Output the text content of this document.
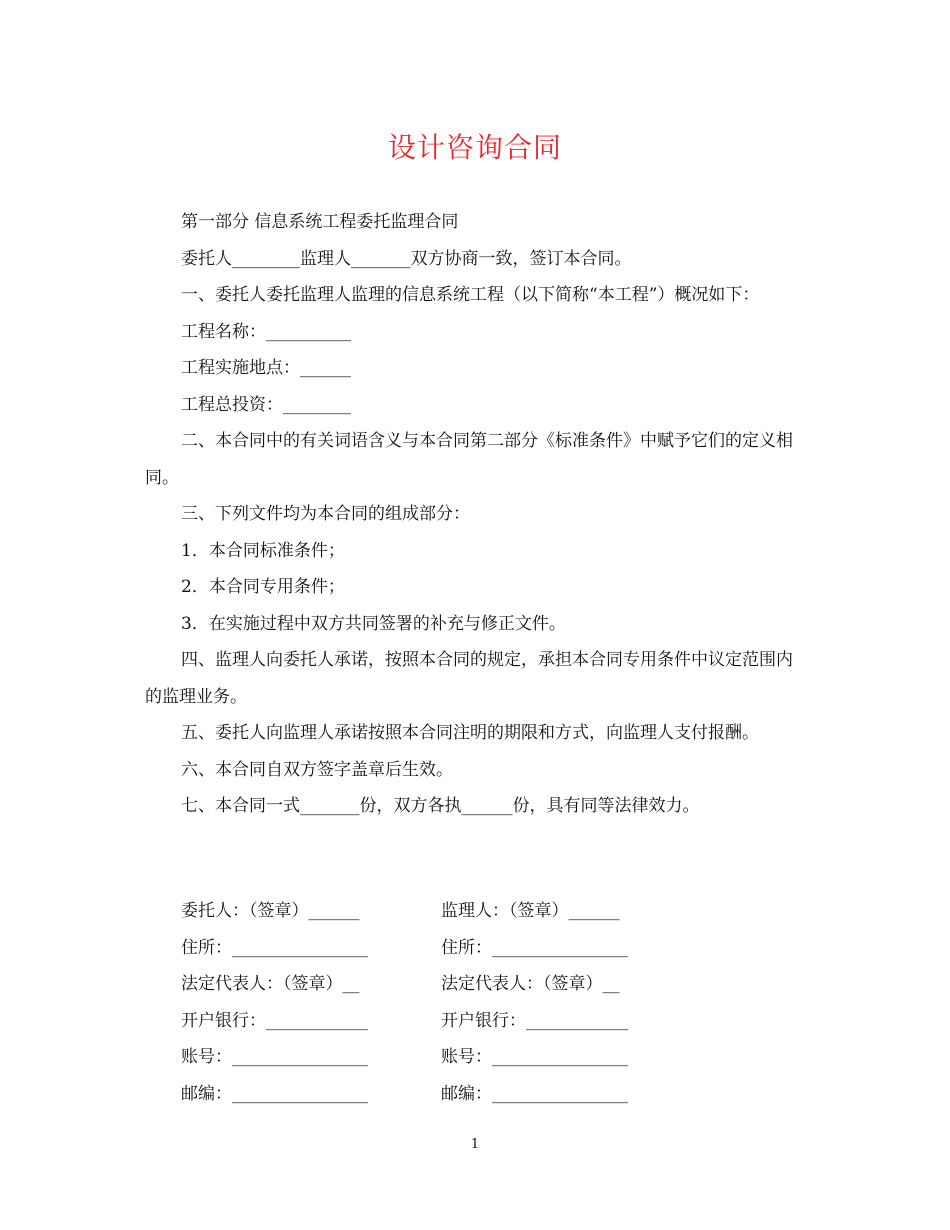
设计咨询合同

第一部分 信息系统工程委托监理合同

委托人________监理人_______双方协商一致，签订本合同。

一、委托人委托监理人监理的信息系统工程（以下简称“本工程”）概况如下：

工程名称：__________

工程实施地点：______

工程总投资：________

二、本合同中的有关词语含义与本合同第二部分《标准条件》中赋予它们的定义相同。

三、下列文件均为本合同的组成部分：

1．本合同标准条件；

2．本合同专用条件；

3．在实施过程中双方共同签署的补充与修正文件。

四、监理人向委托人承诺，按照本合同的规定，承担本合同专用条件中议定范围内的监理业务。

五、委托人向监理人承诺按照本合同注明的期限和方式，向监理人支付报酬。

六、本合同自双方签字盖章后生效。

七、本合同一式_______份，双方各执______份，具有同等法律效力。

委托人：（签章）______	监理人：（签章）______
住所：________________	住所：________________
法定代表人：（签章）__	法定代表人：（签章）__
开户银行：____________	开户银行：____________
账号：________________	账号：________________
邮编：________________	邮编：________________
1
